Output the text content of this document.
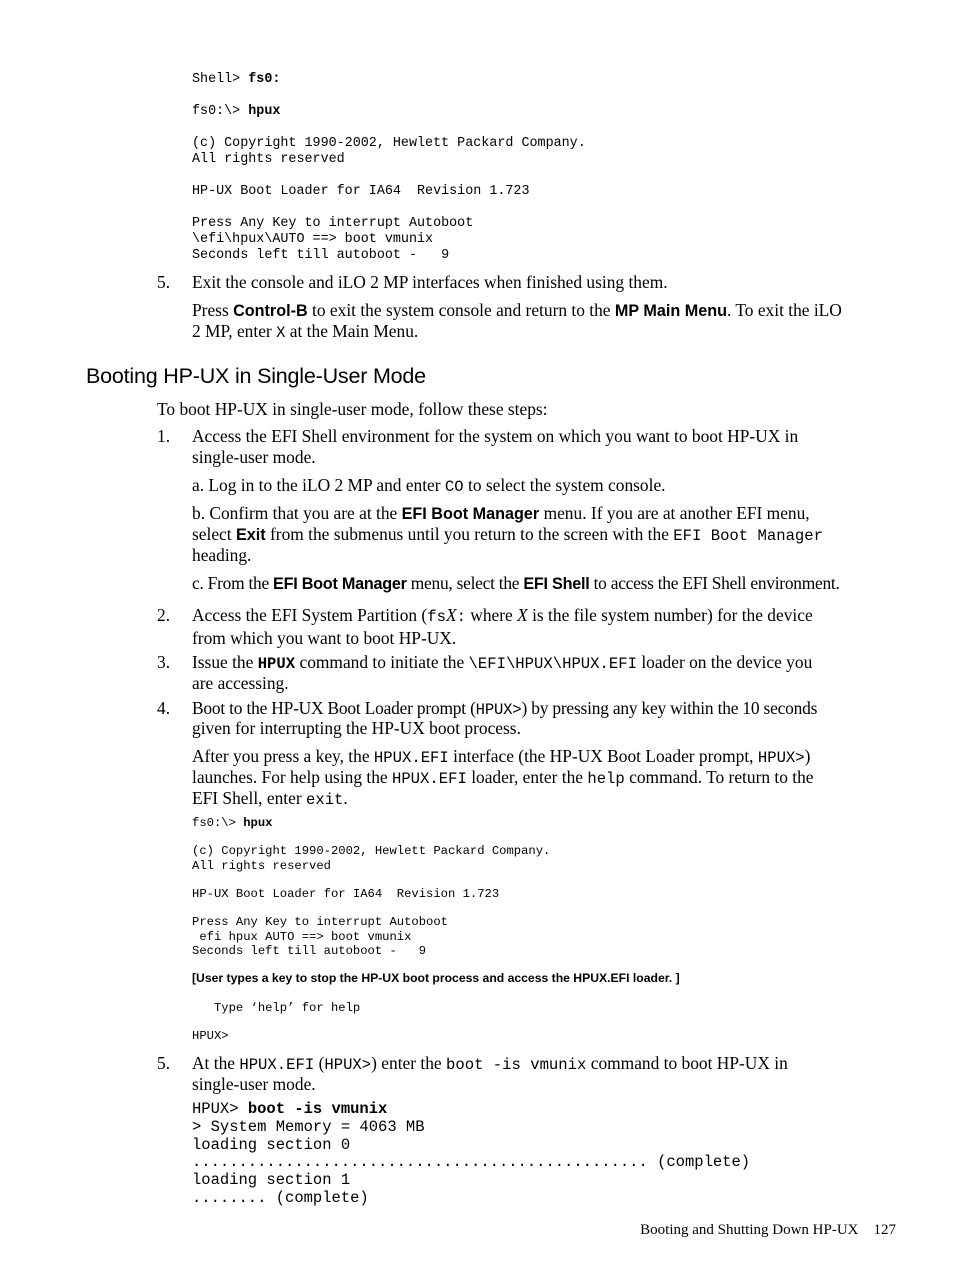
Shell> fs0:

fs0:\> hpux

(c) Copyright 1990-2002, Hewlett Packard Company.
All rights reserved

HP-UX Boot Loader for IA64  Revision 1.723

Press Any Key to interrupt Autoboot
\efi\hpux\AUTO ==> boot vmunix
Seconds left till autoboot -   9
5. Exit the console and iLO 2 MP interfaces when finished using them.
Press Control-B to exit the system console and return to the MP Main Menu. To exit the iLO
2 MP, enter X at the Main Menu.
Booting HP-UX in Single-User Mode
To boot HP-UX in single-user mode, follow these steps:
1. Access the EFI Shell environment for the system on which you want to boot HP-UX in
single-user mode.
a. Log in to the iLO 2 MP and enter CO to select the system console.
b. Confirm that you are at the EFI Boot Manager menu. If you are at another EFI menu,
select Exit from the submenus until you return to the screen with the EFI Boot Manager
heading.
c. From the EFI Boot Manager menu, select the EFI Shell to access the EFI Shell environment.
2. Access the EFI System Partition (fsX: where X is the file system number) for the device
from which you want to boot HP-UX.
3. Issue the HPUX command to initiate the \EFI\HPUX\HPUX.EFI loader on the device you
are accessing.
4. Boot to the HP-UX Boot Loader prompt (HPUX>) by pressing any key within the 10 seconds
given for interrupting the HP-UX boot process.
After you press a key, the HPUX.EFI interface (the HP-UX Boot Loader prompt, HPUX>)
launches. For help using the HPUX.EFI loader, enter the help command. To return to the
EFI Shell, enter exit.
fs0:\> hpux

(c) Copyright 1990-2002, Hewlett Packard Company.
All rights reserved

HP-UX Boot Loader for IA64  Revision 1.723

Press Any Key to interrupt Autoboot
efi hpux AUTO ==> boot vmunix
Seconds left till autoboot -   9
[User types a key to stop the HP-UX boot process and access the HPUX.EFI loader. ]
Type ‘help’ for help

HPUX>
5. At the HPUX.EFI (HPUX>) enter the boot -is vmunix command to boot HP-UX in
single-user mode.
HPUX> boot -is vmunix
> System Memory = 4063 MB
loading section 0
................................................. (complete)
loading section 1
........ (complete)
Booting and Shutting Down HP-UX 127
